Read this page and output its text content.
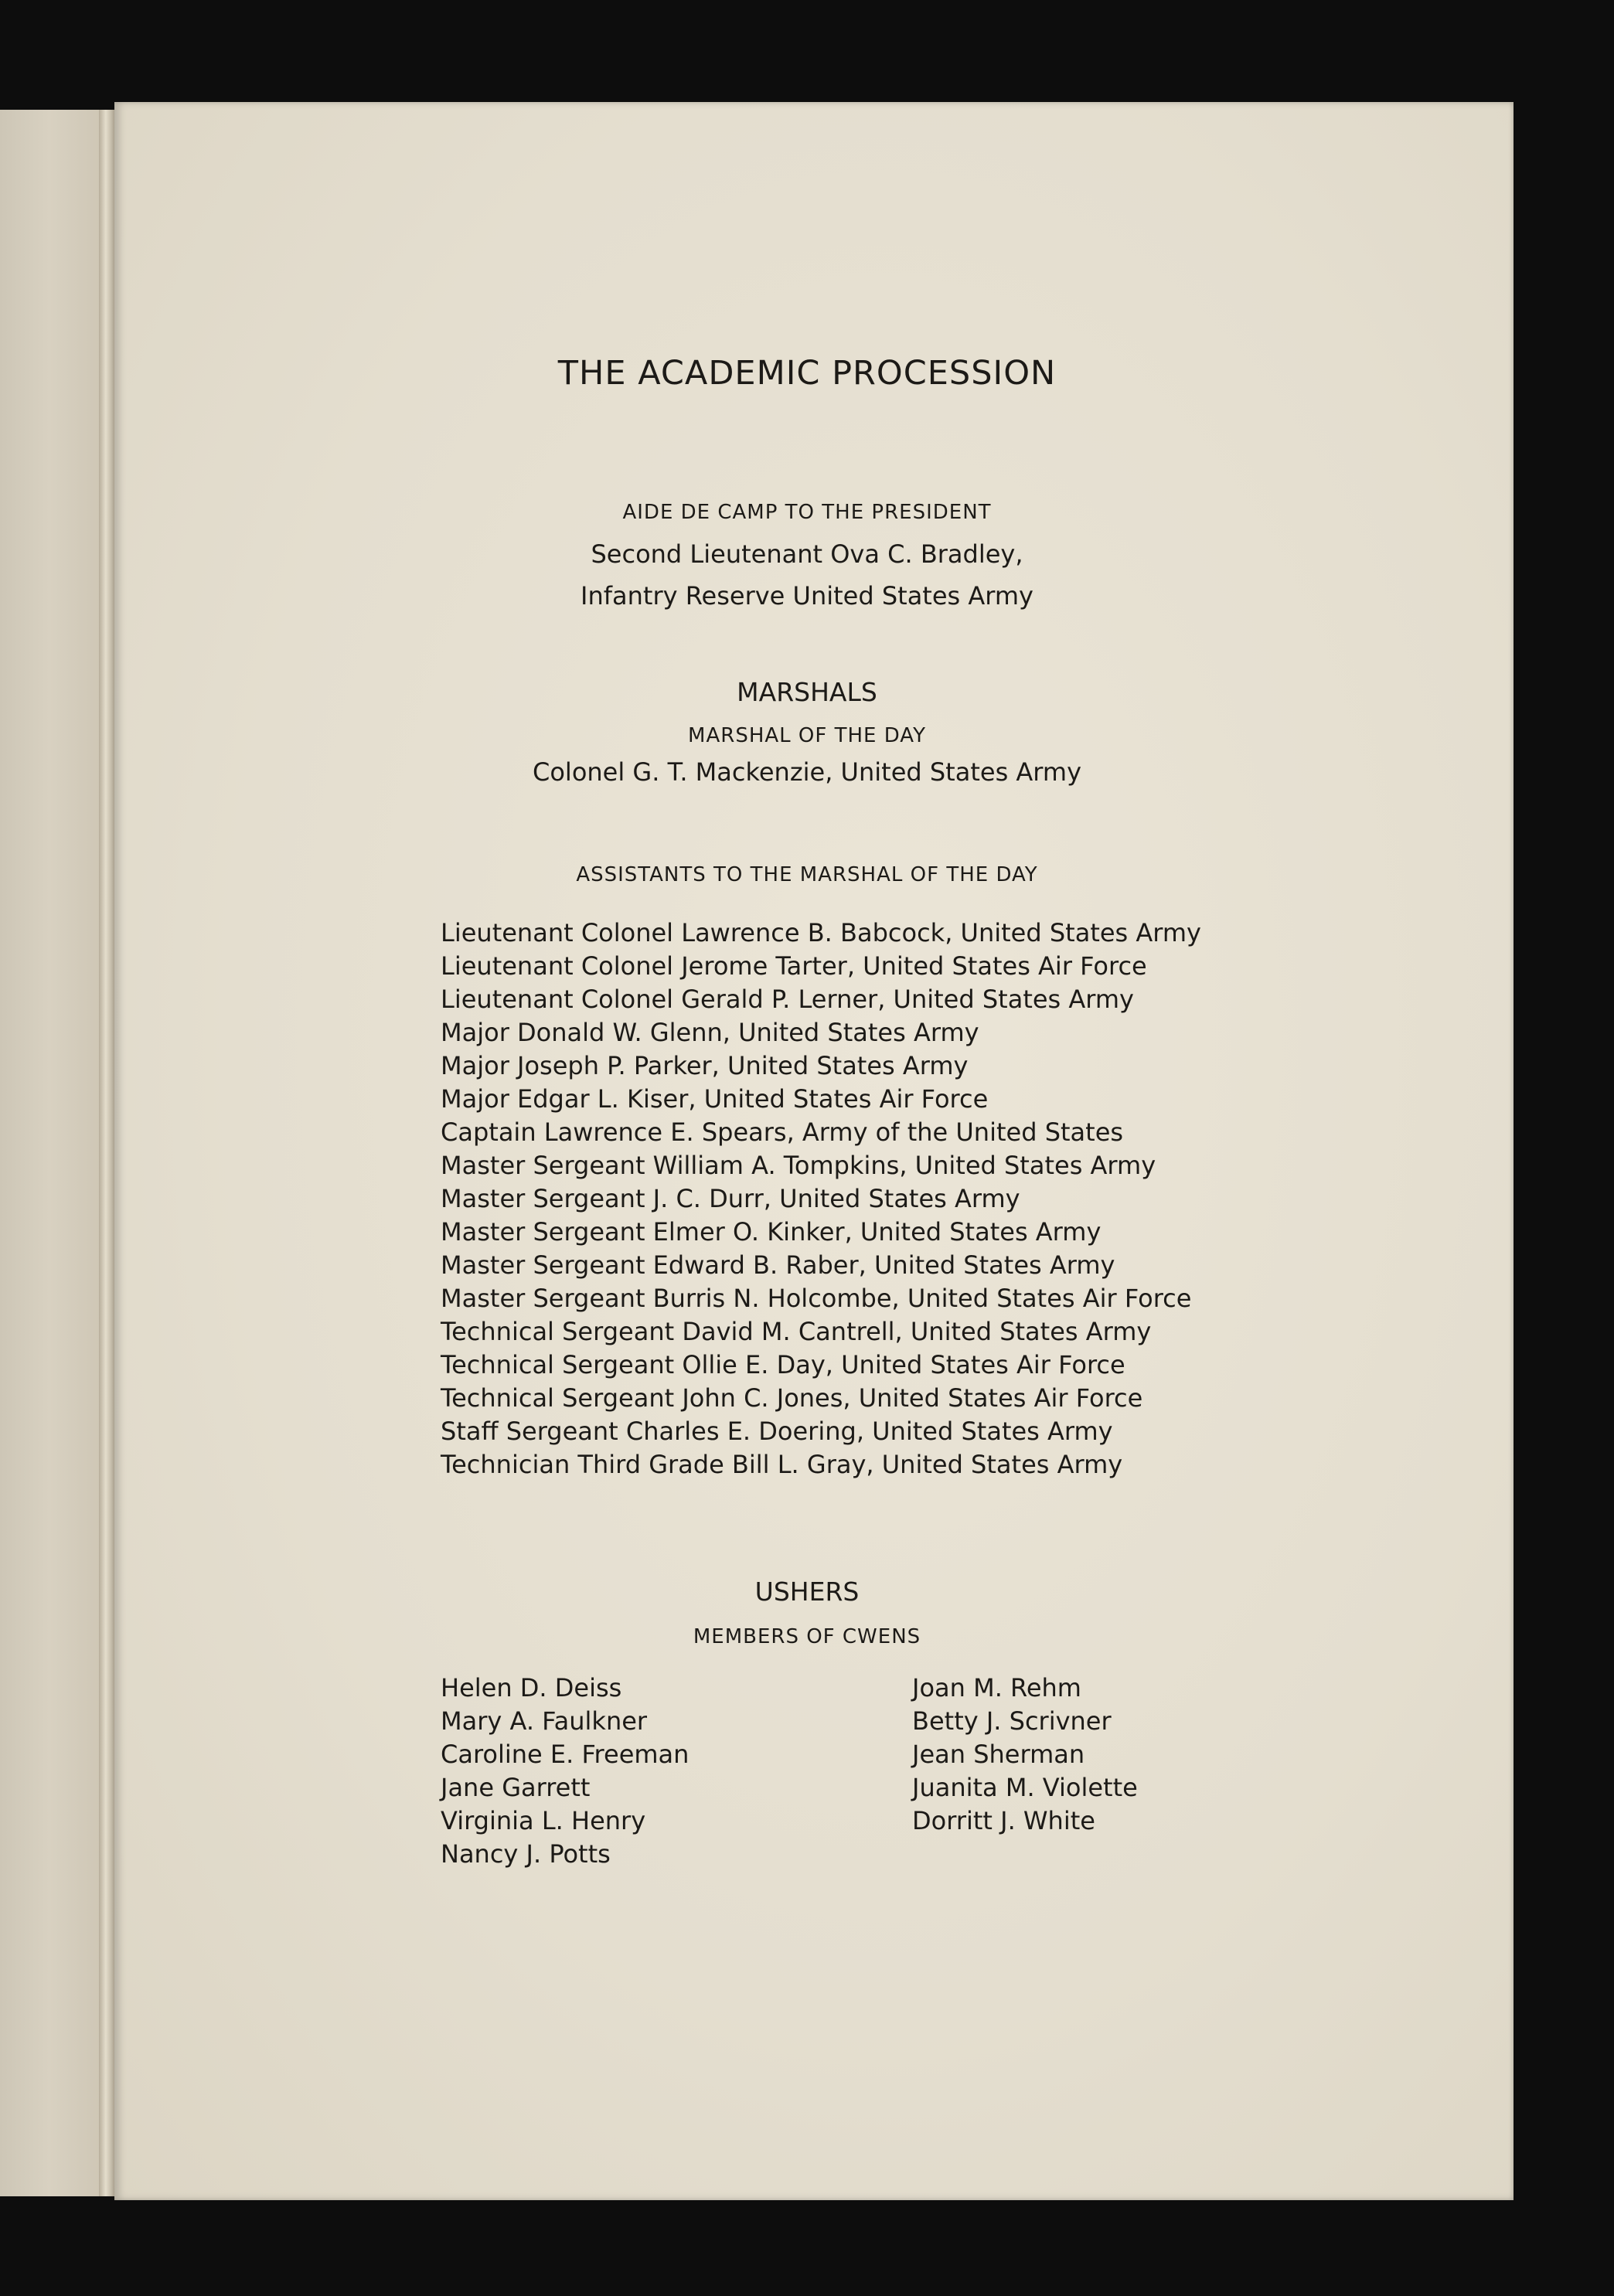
THE ACADEMIC PROCESSION
AIDE DE CAMP TO THE PRESIDENT
Second Lieutenant Ova C. Bradley,
Infantry Reserve United States Army
MARSHALS
MARSHAL OF THE DAY
Colonel G. T. Mackenzie, United States Army
ASSISTANTS TO THE MARSHAL OF THE DAY
Lieutenant Colonel Lawrence B. Babcock, United States Army
Lieutenant Colonel Jerome Tarter, United States Air Force
Lieutenant Colonel Gerald P. Lerner, United States Army
Major Donald W. Glenn, United States Army
Major Joseph P. Parker, United States Army
Major Edgar L. Kiser, United States Air Force
Captain Lawrence E. Spears, Army of the United States
Master Sergeant William A. Tompkins, United States Army
Master Sergeant J. C. Durr, United States Army
Master Sergeant Elmer O. Kinker, United States Army
Master Sergeant Edward B. Raber, United States Army
Master Sergeant Burris N. Holcombe, United States Air Force
Technical Sergeant David M. Cantrell, United States Army
Technical Sergeant Ollie E. Day, United States Air Force
Technical Sergeant John C. Jones, United States Air Force
Staff Sergeant Charles E. Doering, United States Army
Technician Third Grade Bill L. Gray, United States Army
USHERS
MEMBERS OF CWENS
Helen D. Deiss
Mary A. Faulkner
Caroline E. Freeman
Jane Garrett
Virginia L. Henry
Nancy J. Potts
Joan M. Rehm
Betty J. Scrivner
Jean Sherman
Juanita M. Violette
Dorritt J. White
